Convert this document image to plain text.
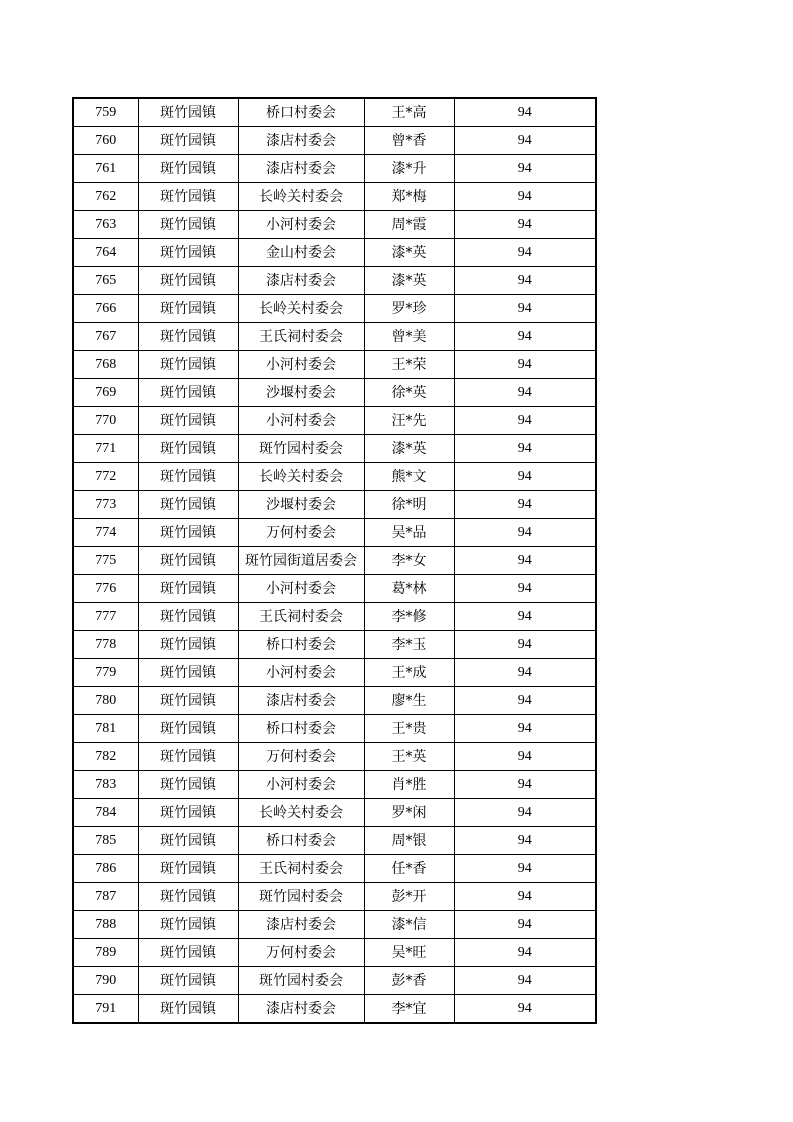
759	斑竹园镇	桥口村委会	王*高	94
760	斑竹园镇	漆店村委会	曾*香	94
761	斑竹园镇	漆店村委会	漆*升	94
762	斑竹园镇	长岭关村委会	郑*梅	94
763	斑竹园镇	小河村委会	周*霞	94
764	斑竹园镇	金山村委会	漆*英	94
765	斑竹园镇	漆店村委会	漆*英	94
766	斑竹园镇	长岭关村委会	罗*珍	94
767	斑竹园镇	王氏祠村委会	曾*美	94
768	斑竹园镇	小河村委会	王*荣	94
769	斑竹园镇	沙堰村委会	徐*英	94
770	斑竹园镇	小河村委会	汪*先	94
771	斑竹园镇	斑竹园村委会	漆*英	94
772	斑竹园镇	长岭关村委会	熊*文	94
773	斑竹园镇	沙堰村委会	徐*明	94
774	斑竹园镇	万何村委会	吴*品	94
775	斑竹园镇	斑竹园街道居委会	李*女	94
776	斑竹园镇	小河村委会	葛*林	94
777	斑竹园镇	王氏祠村委会	李*修	94
778	斑竹园镇	桥口村委会	李*玉	94
779	斑竹园镇	小河村委会	王*成	94
780	斑竹园镇	漆店村委会	廖*生	94
781	斑竹园镇	桥口村委会	王*贵	94
782	斑竹园镇	万何村委会	王*英	94
783	斑竹园镇	小河村委会	肖*胜	94
784	斑竹园镇	长岭关村委会	罗*闲	94
785	斑竹园镇	桥口村委会	周*银	94
786	斑竹园镇	王氏祠村委会	任*香	94
787	斑竹园镇	斑竹园村委会	彭*开	94
788	斑竹园镇	漆店村委会	漆*信	94
789	斑竹园镇	万何村委会	吴*旺	94
790	斑竹园镇	斑竹园村委会	彭*香	94
791	斑竹园镇	漆店村委会	李*宜	94
